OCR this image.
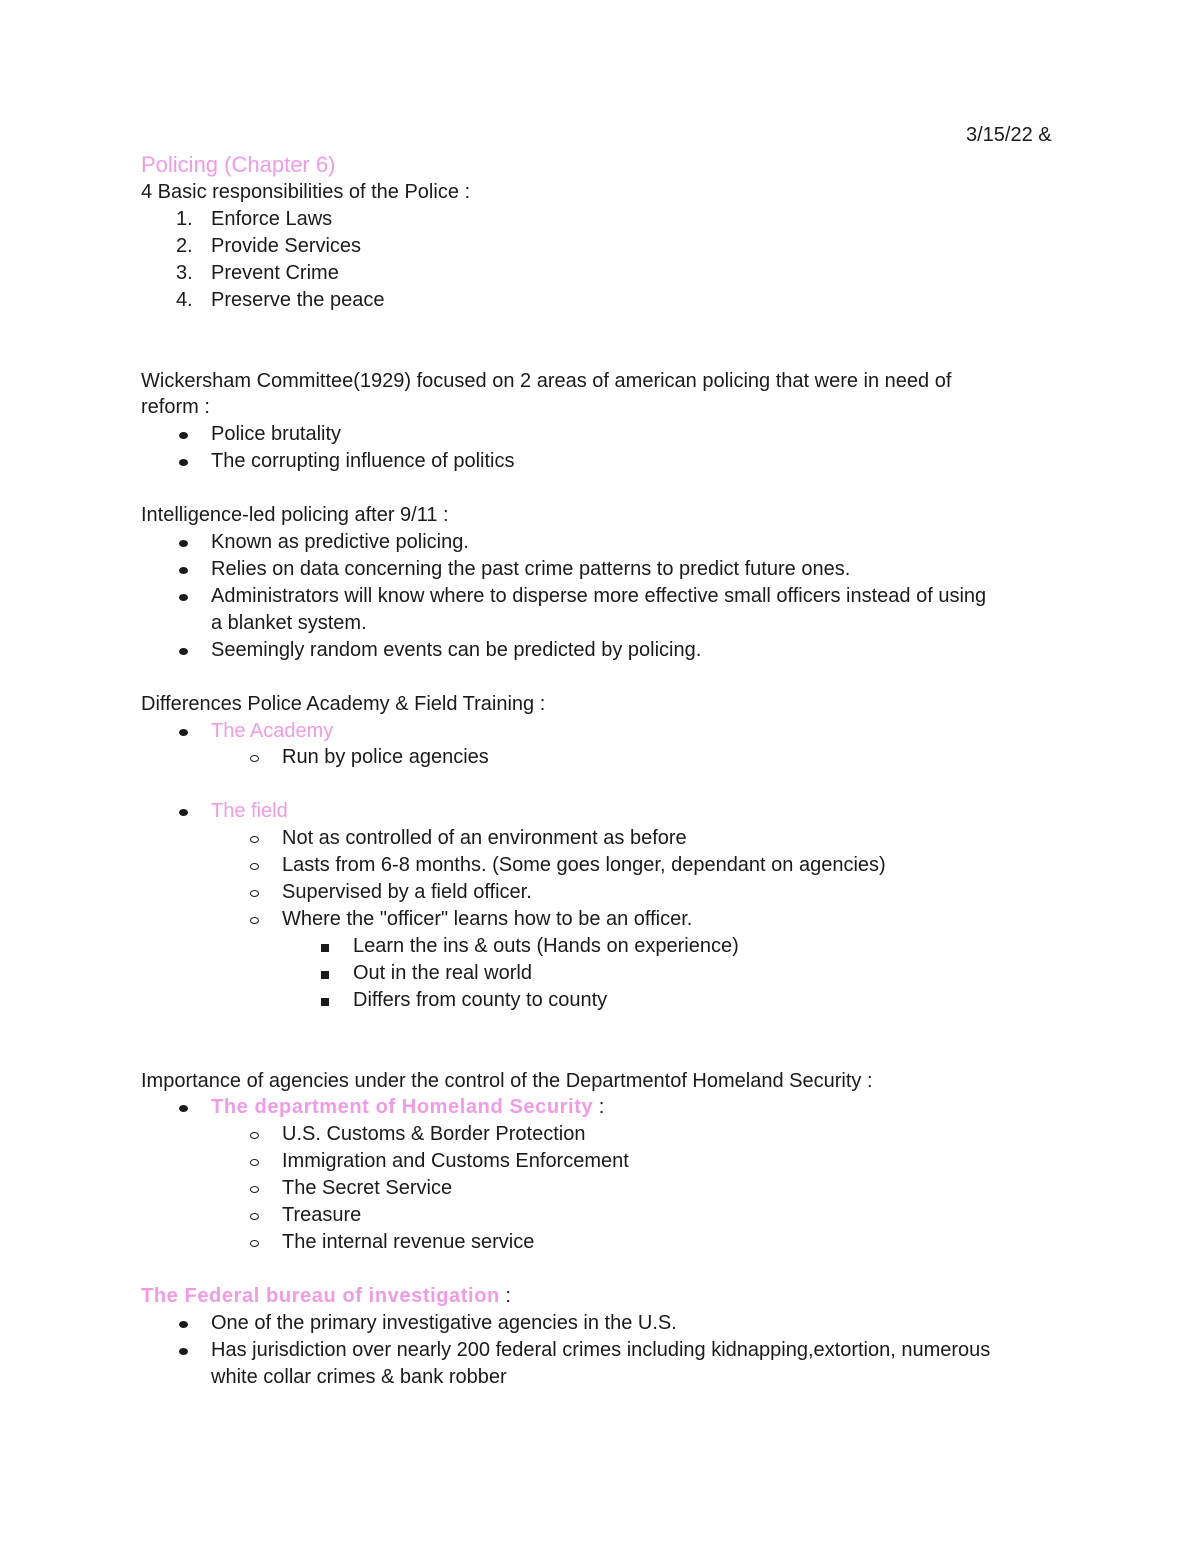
3/15/22 &

Policing (Chapter 6)

4 Basic responsibilities of the Police :

1. Enforce Laws
2. Provide Services
3. Prevent Crime
4. Preserve the peace

Wickersham Committee(1929) focused on 2 areas of american policing that were in need of

reform :

Police brutality
The corrupting influence of politics

Intelligence-led policing after 9/11 :

Known as predictive policing.
Relies on data concerning the past crime patterns to predict future ones.
Administrators will know where to disperse more effective small officers instead of using
a blanket system.
Seemingly random events can be predicted by policing.

Differences Police Academy & Field Training :

The Academy
Run by police agencies
The field
Not as controlled of an environment as before
Lasts from 6-8 months. (Some goes longer, dependant on agencies)
Supervised by a field officer.
Where the "officer" learns how to be an officer.
Learn the ins & outs (Hands on experience)
Out in the real world
Differs from county to county

Importance of agencies under the control of the Departmentof Homeland Security :

The department of Homeland Security :
U.S. Customs & Border Protection
Immigration and Customs Enforcement
The Secret Service
Treasure
The internal revenue service

The Federal bureau of investigation :

One of the primary investigative agencies in the U.S.
Has jurisdiction over nearly 200 federal crimes including kidnapping,extortion, numerous
white collar crimes & bank robber
